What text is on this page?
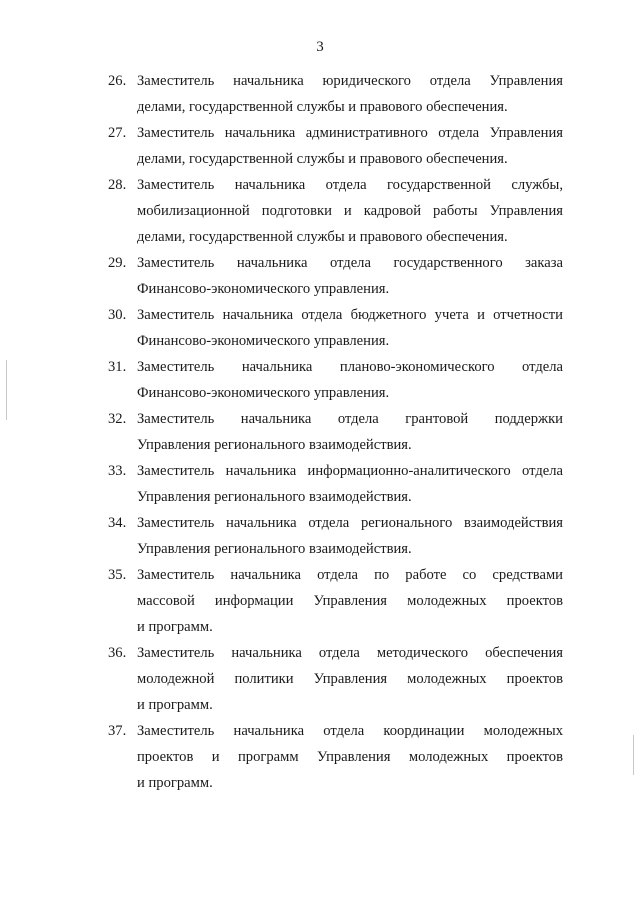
3
26. Заместитель начальника юридического отдела Управления
делами, государственной службы и правового обеспечения.
27. Заместитель начальника административного отдела Управления
делами, государственной службы и правового обеспечения.
28. Заместитель начальника отдела государственной службы,
мобилизационной подготовки и кадровой работы Управления
делами, государственной службы и правового обеспечения.
29. Заместитель начальника отдела государственного заказа
Финансово-экономического управления.
30. Заместитель начальника отдела бюджетного учета и отчетности
Финансово-экономического управления.
31. Заместитель начальника планово-экономического отдела
Финансово-экономического управления.
32. Заместитель начальника отдела грантовой поддержки
Управления регионального взаимодействия.
33. Заместитель начальника информационно-аналитического отдела
Управления регионального взаимодействия.
34. Заместитель начальника отдела регионального взаимодействия
Управления регионального взаимодействия.
35. Заместитель начальника отдела по работе со средствами
массовой информации Управления молодежных проектов
и программ.
36. Заместитель начальника отдела методического обеспечения
молодежной политики Управления молодежных проектов
и программ.
37. Заместитель начальника отдела координации молодежных
проектов и программ Управления молодежных проектов
и программ.
